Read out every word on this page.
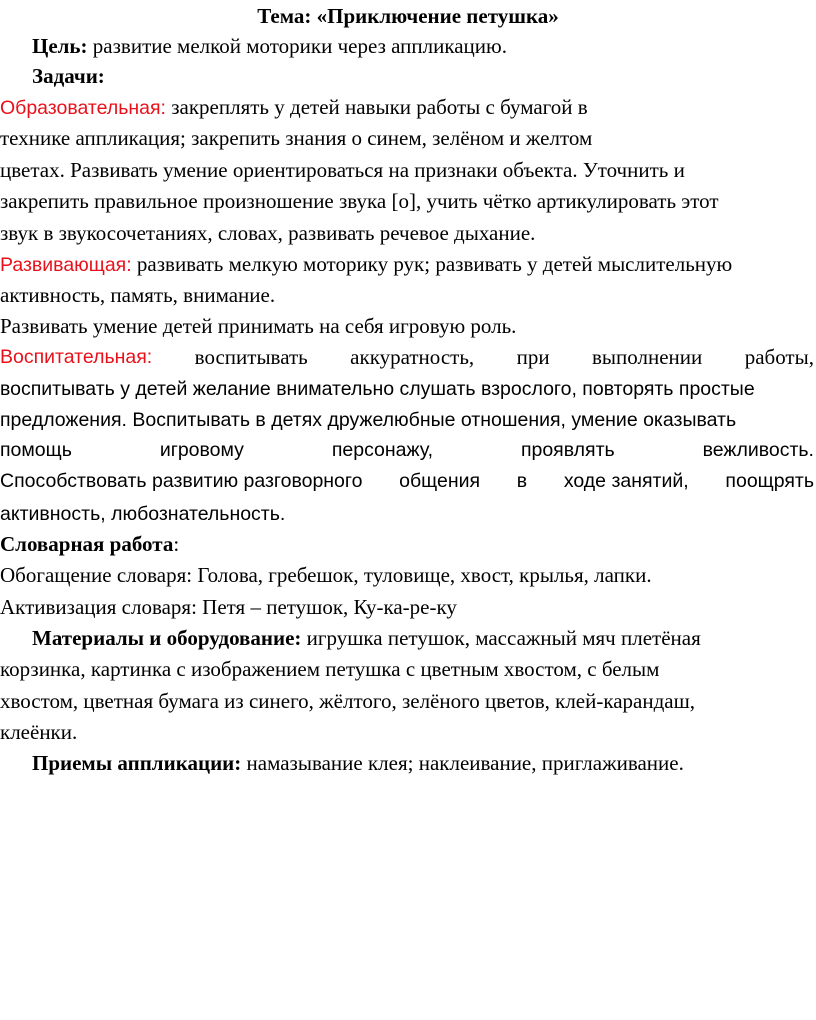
Тема: «Приключение петушка»
Цель: развитие мелкой моторики через аппликацию.
Задачи:
Образовательная: закреплять у детей навыки работы с бумагой в
технике аппликация; закрепить знания о синем, зелёном и желтом
цветах. Развивать умение ориентироваться на признаки объекта. Уточнить и
закрепить правильное произношение звука [о], учить чётко артикулировать этот
звук в звукосочетаниях, словах, развивать речевое дыхание.
Развивающая: развивать мелкую моторику рук; развивать у детей мыслительную
активность, память, внимание.
Развивать умение детей принимать на себя игровую роль.
Воспитательная: воспитывать аккуратность, при выполнении работы,
воспитывать у детей желание внимательно слушать взрослого, повторять простые
предложения. Воспитывать в детях дружелюбные отношения, умение оказывать
помощь	игровому	персонажу,	проявлять	вежливость.
Способствовать развитию разговорного общения в ходе занятий, поощрять
активность, любознательность.
Словарная работа:
Обогащение словаря: Голова, гребешок, туловище, хвост, крылья, лапки.
Активизация словаря: Петя – петушок, Ку-ка-ре-ку
Материалы и оборудование: игрушка петушок, массажный мяч плетёная
корзинка, картинка с изображением петушка с цветным хвостом, с белым
хвостом, цветная бумага из синего, жёлтого, зелёного цветов, клей-карандаш,
клеёнки.
Приемы аппликации: намазывание клея; наклеивание, приглаживание.
